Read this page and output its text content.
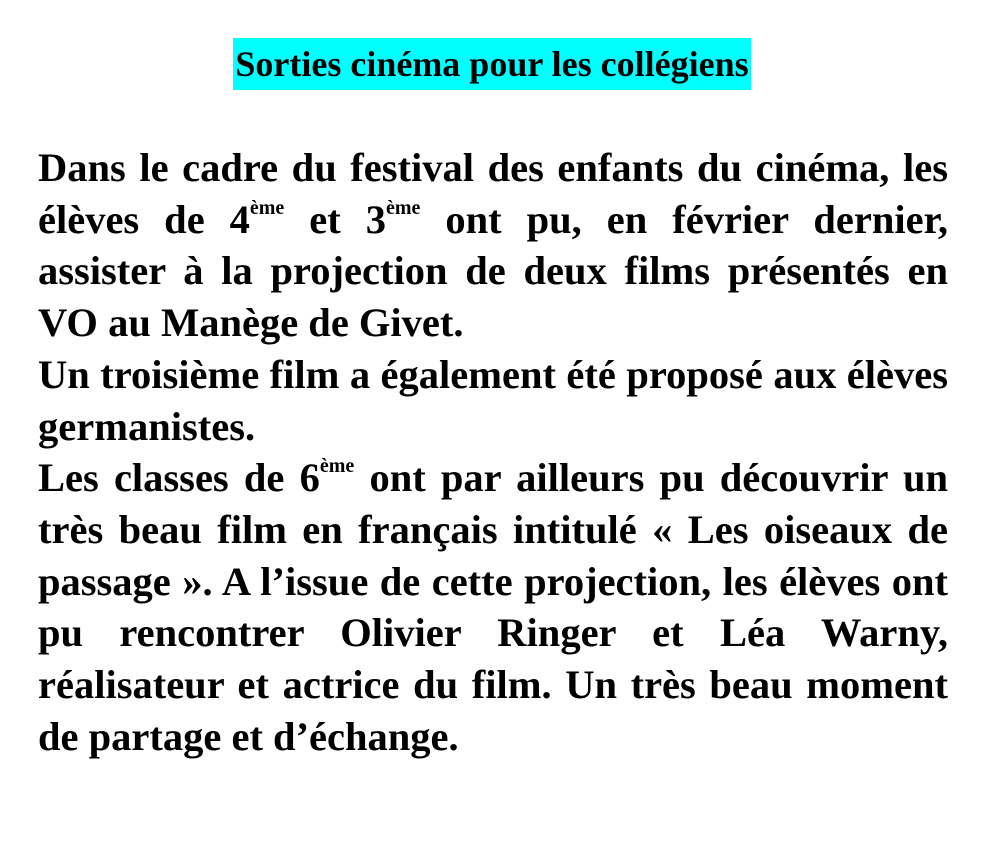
Sorties cinéma pour les collégiens

Dans le cadre du festival des enfants du cinéma, les élèves de 4ème et 3ème ont pu, en février dernier, assister à la projection de deux films présentés en VO au Manège de Givet.

Un troisième film a également été proposé aux élèves germanistes.

Les classes de 6ème ont par ailleurs pu découvrir un très beau film en français intitulé « Les oiseaux de passage ». A l’issue de cette projection, les élèves ont pu rencontrer Olivier Ringer et Léa Warny, réalisateur et actrice du film. Un très beau moment de partage et d’échange.
